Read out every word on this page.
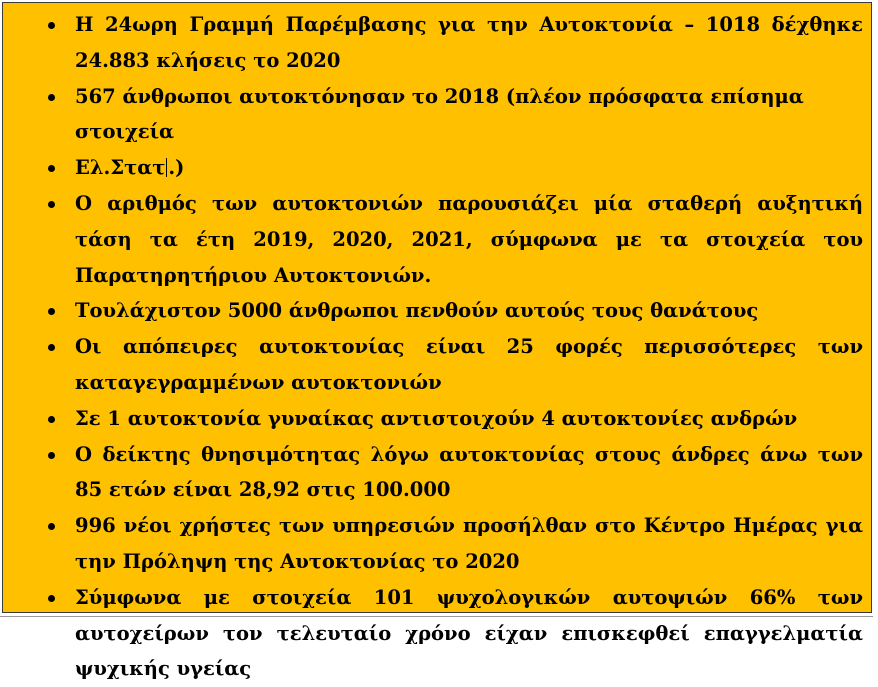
Η 24ωρη Γραμμή Παρέμβασης για την Αυτοκτονία – 1018 δέχθηκε 24.883 κλήσεις το 2020
567 άνθρωποι αυτοκτόνησαν το 2018 (πλέον πρόσφατα επίσημα στοιχεία
Ελ.Στατ .)
Ο αριθμός των αυτοκτονιών παρουσιάζει μία σταθερή αυξητική τάση τα έτη 2019, 2020, 2021, σύμφωνα με τα στοιχεία του Παρατηρητήριου Αυτοκτονιών.
Τουλάχιστον 5000 άνθρωποι πενθούν αυτούς τους θανάτους
Οι απόπειρες αυτοκτονίας είναι 25 φορές περισσότερες των καταγεγραμμένων αυτοκτονιών
Σε 1 αυτοκτονία γυναίκας αντιστοιχούν 4 αυτοκτονίες ανδρών
Ο δείκτης θνησιμότητας λόγω αυτοκτονίας στους άνδρες άνω των 85 ετών είναι 28,92 στις 100.000
996 νέοι χρήστες των υπηρεσιών προσήλθαν στο Κέντρο Ημέρας για την Πρόληψη της Αυτοκτονίας το 2020
Σύμφωνα με στοιχεία 101 ψυχολογικών αυτοψιών 66% των αυτοχείρων τον τελευταίο χρόνο είχαν επισκεφθεί επαγγελματία ψυχικής υγείας
